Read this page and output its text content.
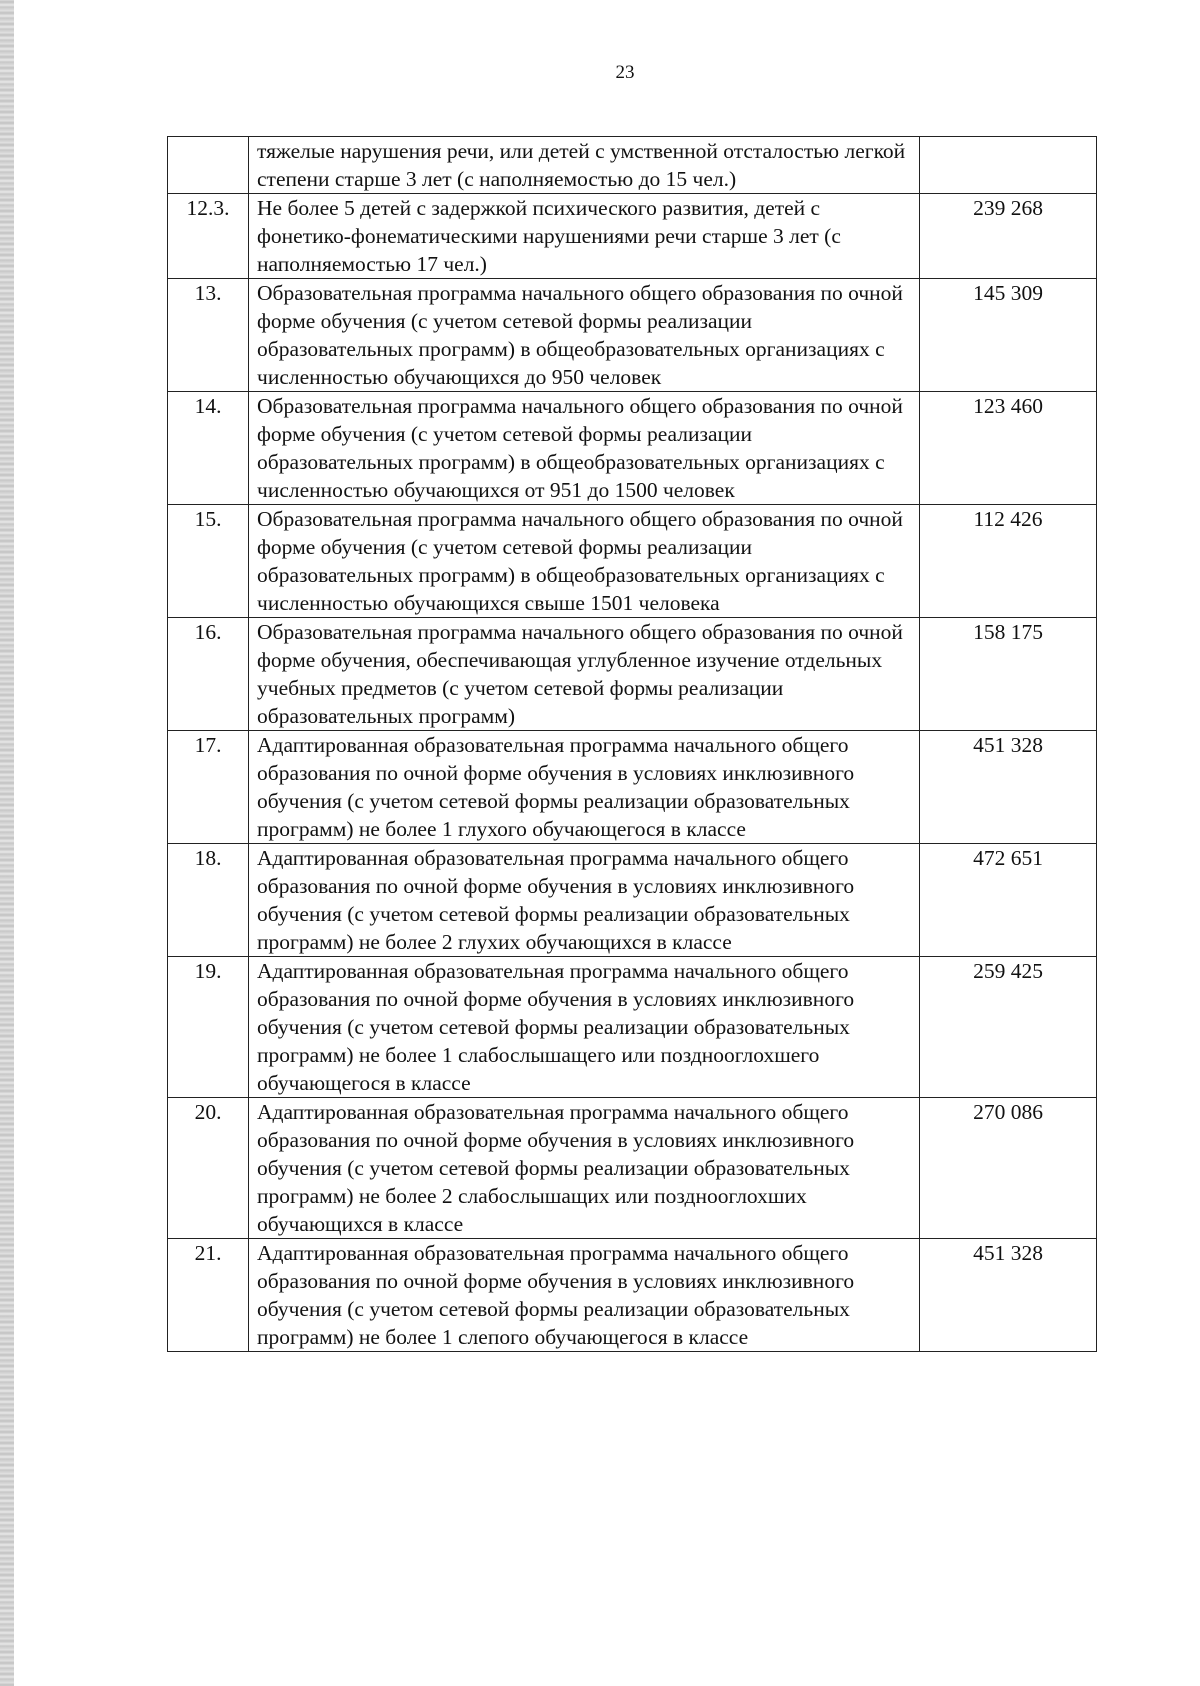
23
	тяжелые нарушения речи, или детей с умственной отсталостью легкой степени старше 3 лет (с наполняемостью до 15 чел.)	
12.3.	Не более 5 детей с задержкой психического развития, детей с фонетико-фонематическими нарушениями речи старше 3 лет (с наполняемостью 17 чел.)	239 268
13.	Образовательная программа начального общего образования по очной форме обучения (с учетом сетевой формы реализации образовательных программ) в общеобразовательных организациях с численностью обучающихся до 950 человек	145 309
14.	Образовательная программа начального общего образования по очной форме обучения (с учетом сетевой формы реализации образовательных программ) в общеобразовательных организациях с численностью обучающихся от 951 до 1500 человек	123 460
15.	Образовательная программа начального общего образования по очной форме обучения (с учетом сетевой формы реализации образовательных программ) в общеобразовательных организациях с численностью обучающихся свыше 1501 человека	112 426
16.	Образовательная программа начального общего образования по очной форме обучения, обеспечивающая углубленное изучение отдельных учебных предметов (с учетом сетевой формы реализации образовательных программ)	158 175
17.	Адаптированная образовательная программа начального общего образования по очной форме обучения в условиях инклюзивного обучения (с учетом сетевой формы реализации образовательных программ) не более 1 глухого обучающегося в классе	451 328
18.	Адаптированная образовательная программа начального общего образования по очной форме обучения в условиях инклюзивного обучения (с учетом сетевой формы реализации образовательных программ) не более 2 глухих обучающихся в классе	472 651
19.	Адаптированная образовательная программа начального общего образования по очной форме обучения в условиях инклюзивного обучения (с учетом сетевой формы реализации образовательных программ) не более 1 слабослышащего или позднооглохшего обучающегося в классе	259 425
20.	Адаптированная образовательная программа начального общего образования по очной форме обучения в условиях инклюзивного обучения (с учетом сетевой формы реализации образовательных программ) не более 2 слабослышащих или позднооглохших обучающихся в классе	270 086
21.	Адаптированная образовательная программа начального общего образования по очной форме обучения в условиях инклюзивного обучения (с учетом сетевой формы реализации образовательных программ) не более 1 слепого обучающегося в классе	451 328
